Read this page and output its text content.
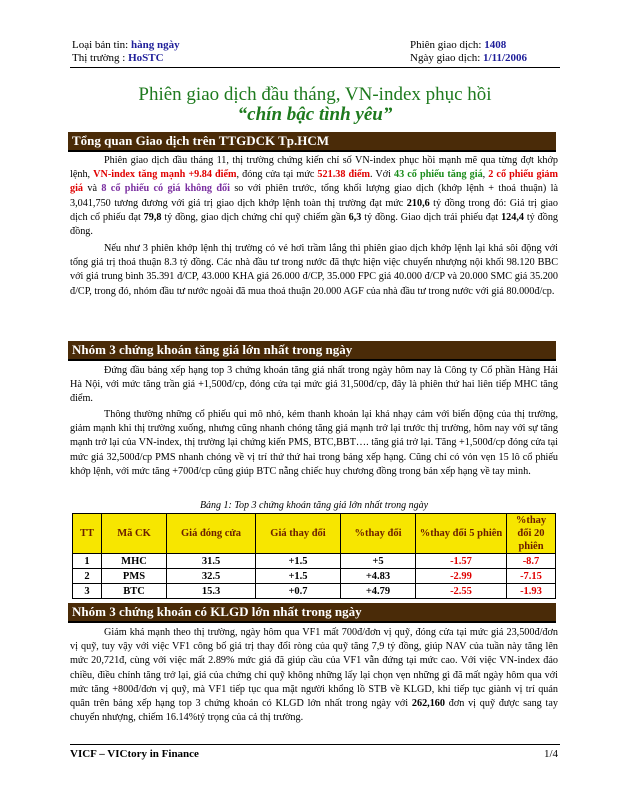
Loại bản tin: hàng ngày	Phiên giao dịch: 1408
Thị trường : HoSTC	Ngày giao dịch: 1/11/2006
Phiên giao dịch đầu tháng, VN-index phục hồi
“chín bậc tình yêu”
Tổng quan Giao dịch trên TTGDCK Tp.HCM
Phiên giao dịch đầu tháng 11, thị trường chứng kiến chỉ số VN-index phục hồi mạnh mẽ qua từng đợt khớp lệnh, VN-index tăng mạnh +9.84 điểm, đóng cửa tại mức 521.38 điểm. Với 43 cổ phiếu tăng giá, 2 cổ phiếu giảm giá và 8 cổ phiếu có giá không đổi so với phiên trước, tổng khối lượng giao dịch (khớp lệnh + thoả thuận) là 3,041,750 tương đương với giá trị giao dịch khớp lệnh toàn thị trường đạt mức 210,6 tỷ đồng trong đó: Giá trị giao dịch cổ phiếu đạt 79,8 tỷ đồng, giao dịch chứng chỉ quỹ chiếm gần 6,3 tỷ đồng. Giao dịch trái phiếu đạt 124,4 tỷ đồng đồng.
Nếu như 3 phiên khớp lệnh thị trường có vẻ hơi trầm lắng thì phiên giao dịch khớp lệnh lại khá sôi động với tổng giá trị thoả thuận 8.3 tỷ đồng. Các nhà đầu tư trong nước đã thực hiện việc chuyển nhượng nội khối 98.120 BBC với giá trung bình 35.391 đ/CP, 43.000 KHA giá 26.000 đ/CP, 35.000 FPC giá 40.000 đ/CP và 20.000 SMC giá 35.200 đ/CP, trong đó, nhóm đầu tư nước ngoài đã mua thoả thuận 20.000 AGF của nhà đầu tư trong nước với giá 80.000đ/cp.
Nhóm 3 chứng khoán tăng giá lớn nhất trong ngày
Đứng đầu bảng xếp hạng top 3 chứng khoán tăng giá nhất trong ngày hôm nay là Công ty Cổ phần Hàng Hải Hà Nội, với mức tăng trần giá +1,500đ/cp, đóng cửa tại mức giá 31,500đ/cp, đây là phiên thứ hai liên tiếp MHC tăng điểm.
Thông thường những cổ phiếu qui mô nhỏ, kém thanh khoản lại khá nhạy cảm với biến động của thị trường, giảm mạnh khi thị trường xuống, nhưng cũng nhanh chóng tăng giá mạnh trở lại trước thị trường, hôm nay với sự tăng mạnh trở lại của VN-index, thị trường lại chứng kiến PMS, BTC,BBT…. tăng giá trở lại. Tăng +1,500đ/cp đóng cửa tại mức giá 32,500đ/cp PMS nhanh chóng về vị trí thứ thứ hai trong bảng xếp hạng. Cũng chỉ có vỏn vẹn 15 lô cổ phiếu khớp lệnh, với mức tăng +700đ/cp cũng giúp BTC nẵng chiếc huy chương đồng trong bản xếp hạng về tay mình.
Bảng 1: Top 3 chứng khoán tăng giá lớn nhất trong ngày
TT	Mã CK	Giá đóng cửa	Giá thay đổi	%thay đổi	%thay đổi 5 phiên	%thay đổi 20 phiên
1	MHC	31.5	+1.5	+5	-1.57	-8.7
2	PMS	32.5	+1.5	+4.83	-2.99	-7.15
3	BTC	15.3	+0.7	+4.79	-2.55	-1.93
Nhóm 3 chứng khoán có KLGD lớn nhất trong ngày
Giảm khá mạnh theo thị trường, ngày hôm qua VF1 mất 700đ/đơn vị quỹ, đóng cửa tại mức giá 23,500đ/đơn vị quỹ, tuy vậy với việc VF1 công bố giá trị thay đổi ròng của quỹ tăng 7,9 tỷ đồng, giúp NAV của tuần này tăng lên mức 20,721đ, cùng với việc mất 2.89% mức giá đã giúp cầu của VF1 vẫn đứng tại mức cao. Với việc VN-index đảo chiều, điều chỉnh tăng trở lại, giá của chứng chỉ quỹ không những lấy lại chọn vẹn những gì đã mất ngày hôm qua với mức tăng +800đ/đơn vị quỹ, mà VF1 tiếp tục qua mặt người khổng lồ STB về KLGD, khi tiếp tục giành vị trí quán quân trên bảng xếp hạng top 3 chứng khoán có KLGD lớn nhất trong ngày với 262,160 đơn vị quỹ được sang tay chuyển nhượng, chiếm 16.14%tỷ trọng của cả thị trường.
VICF – VICtory in Finance	1/4
